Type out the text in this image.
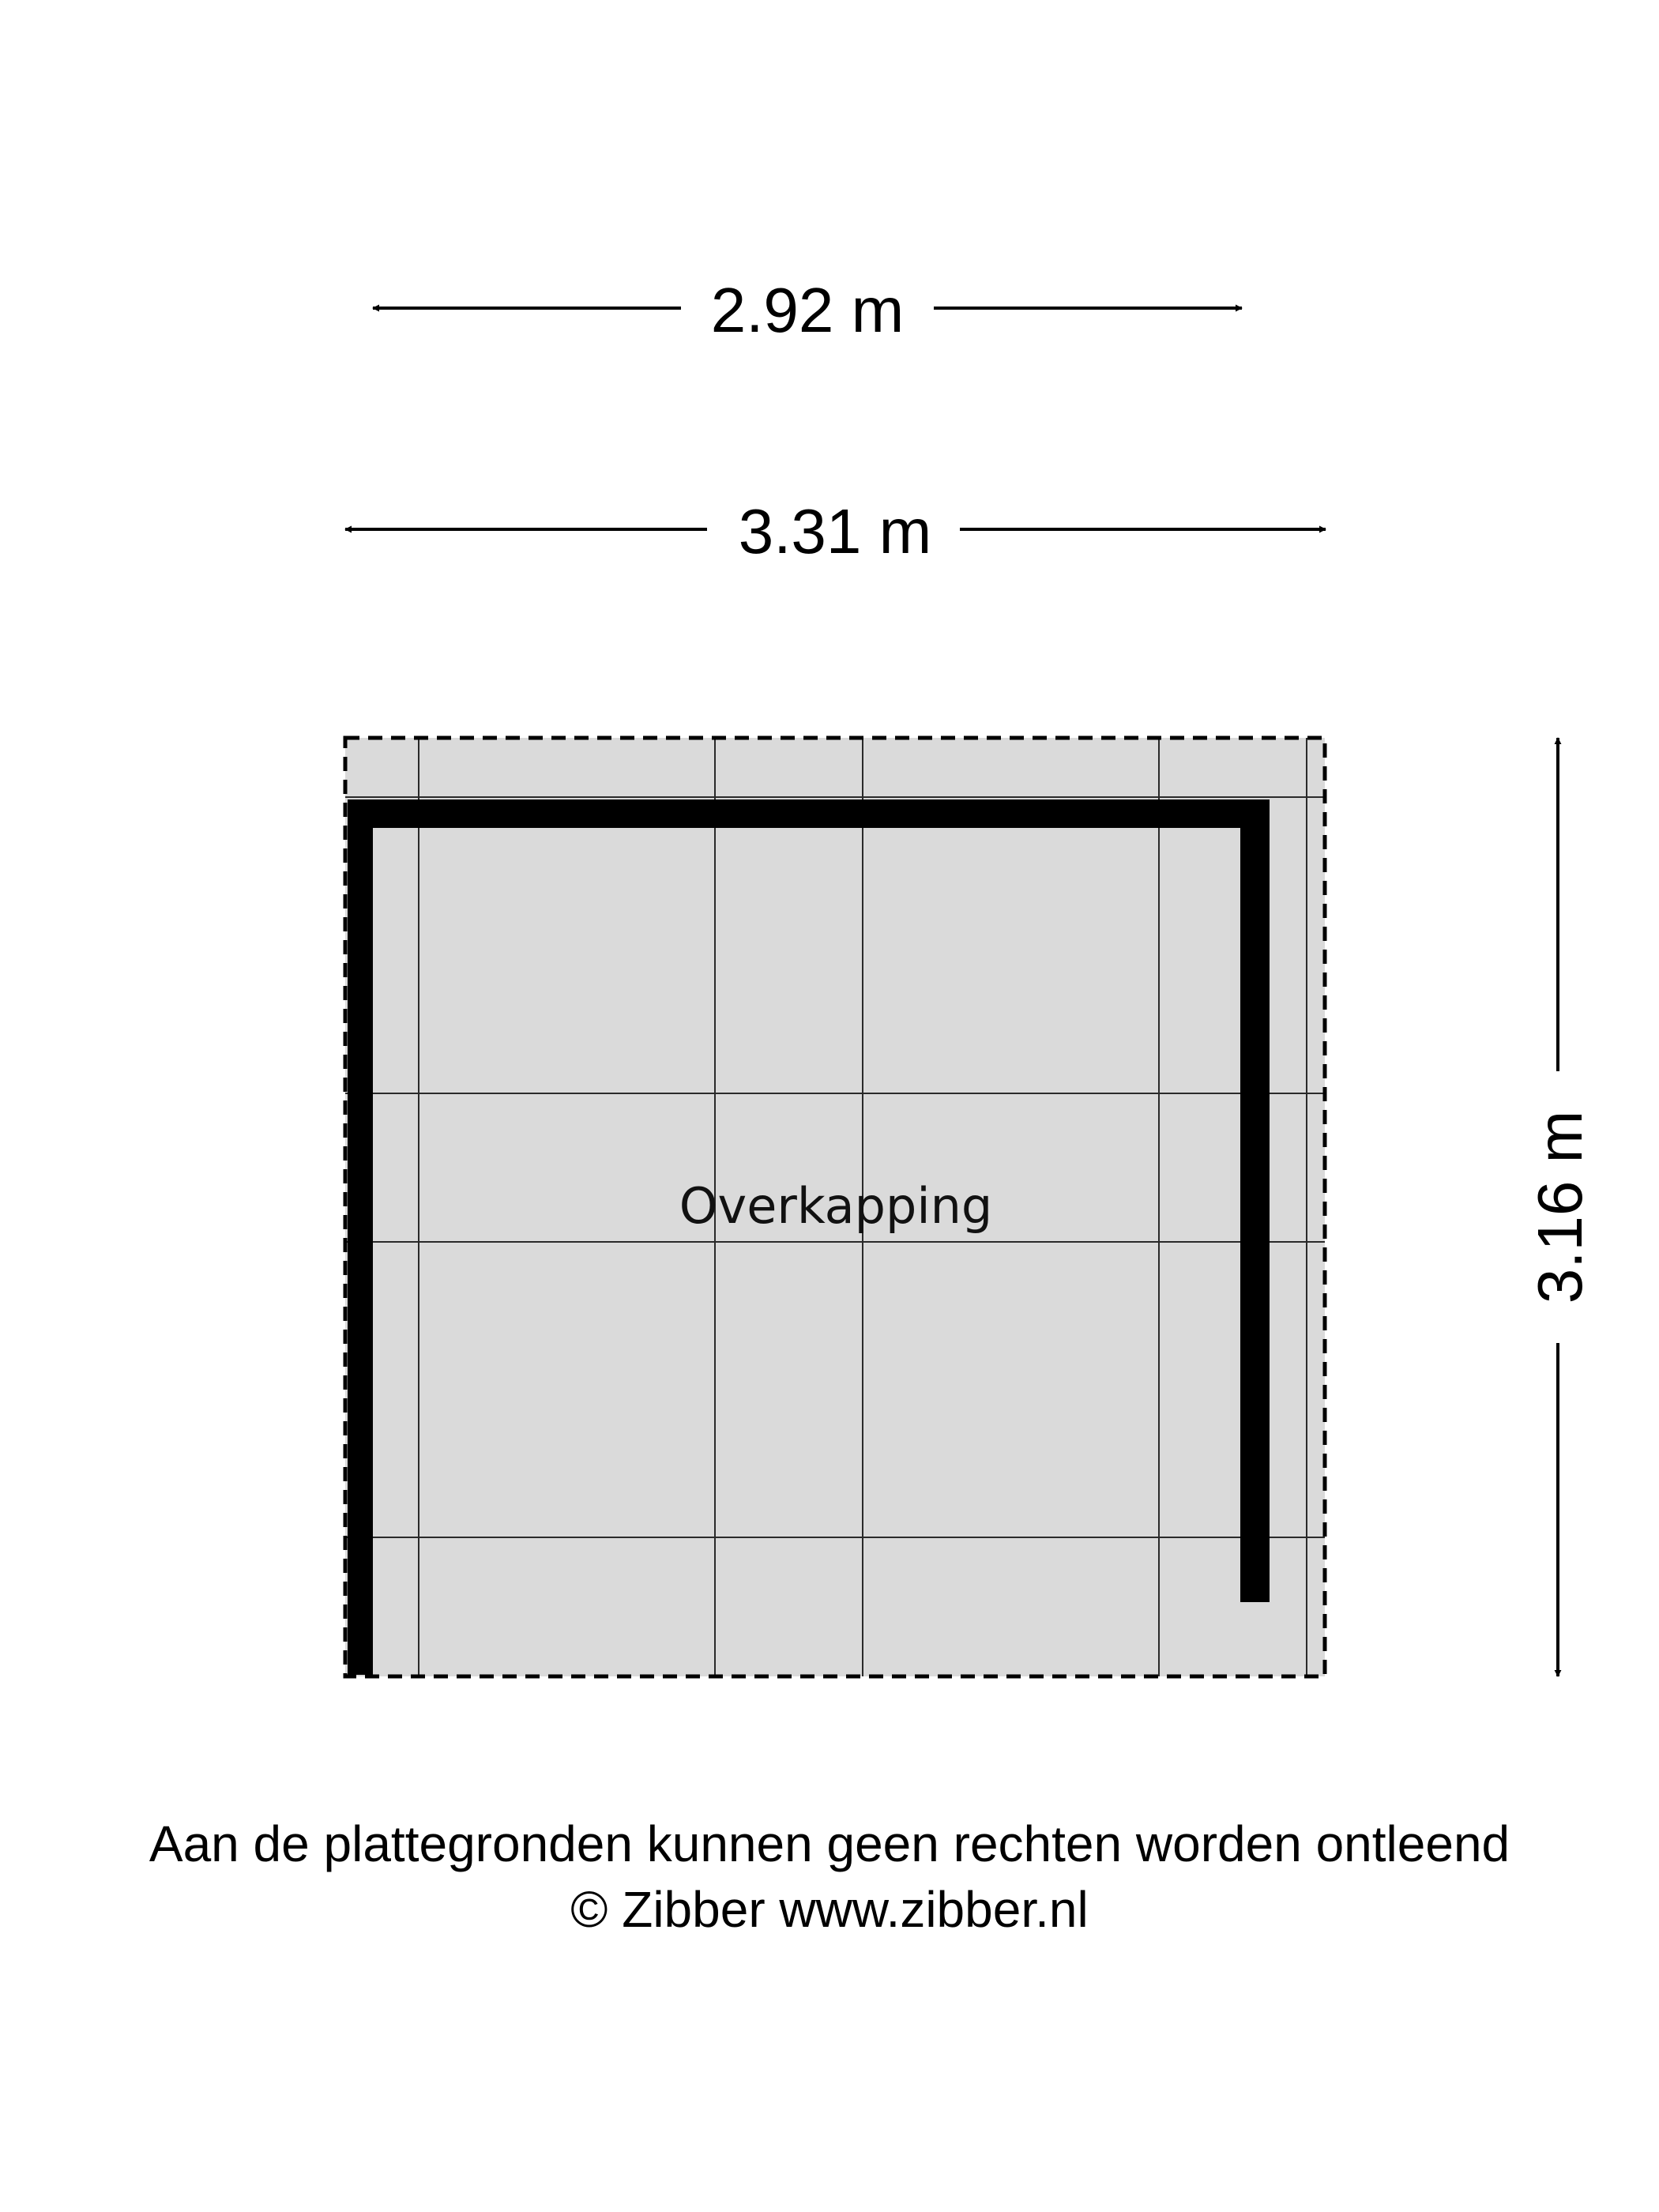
Overkapping
2.92 m
3.31 m
3.16 m
Aan de plattegronden kunnen geen rechten worden ontleend
© Zibber www.zibber.nl
